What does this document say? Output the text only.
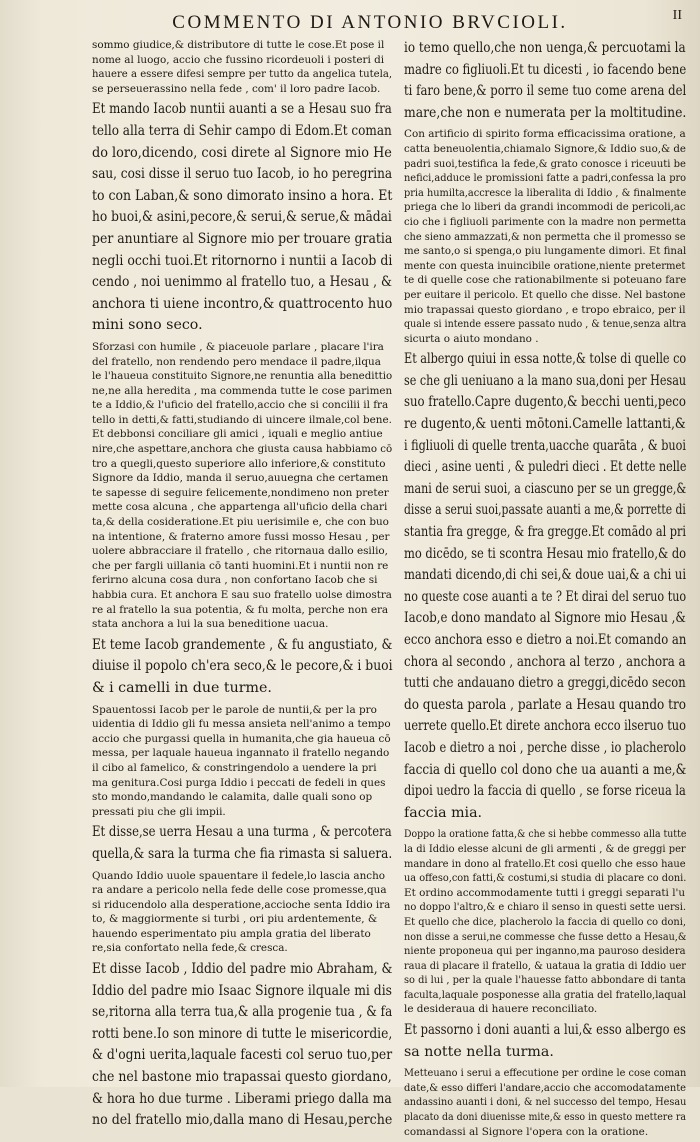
COMMENTO DI ANTONIO BRVCIOLI.	II
sommo giudice,& distributore di tutte le cose.Et pose il
nome al luogo, accio che fussino ricordeuoli i posteri di
hauere a essere difesi sempre per tutto da angelica tutela,
se perseuerassino nella fede , com' il loro padre Iacob.
Et mando Iacob nuntii auanti a se a Hesau suo fra
tello alla terra di Sehir campo di Edom.Et coman
do loro,dicendo, cosi direte al Signore mio He
sau, cosi disse il seruo tuo Iacob, io ho peregrina
to con Laban,& sono dimorato insino a hora. Et
ho buoi,& asini,pecore,& serui,& serue,& mādai
per anuntiare al Signore mio per trouare gratia
negli occhi tuoi.Et ritornorno i nuntii a Iacob di
cendo , noi uenimmo al fratello tuo, a Hesau , &
anchora ti uiene incontro,& quattrocento huo
mini sono seco.
Sforzasi con humile , & piaceuole parlare , placare l'ira
del fratello, non rendendo pero mendace il padre,ilqua
le l'haueua constituito Signore,ne renuntia alla benedittio
ne,ne alla heredita , ma commenda tutte le cose parimen
te a Iddio,& l'uficio del fratello,accio che si concilii il fra
tello in detti,& fatti,studiando di uincere ilmale,col bene.
Et debbonsi conciliare gli amici , iquali e meglio antiue
nire,che aspettare,anchora che giusta causa habbiamo cō
tro a quegli,questo superiore allo inferiore,& constituto
Signore da Iddio, manda il seruo,auuegna che certamen
te sapesse di seguire felicemente,nondimeno non preter
mette cosa alcuna , che appartenga all'uficio della chari
ta,& della cosideratione.Et piu uerisimile e, che con buo
na intentione, & fraterno amore fussi mosso Hesau , per
uolere abbracciare il fratello , che ritornaua dallo esilio,
che per fargli uillania cō tanti huomini.Et i nuntii non re
ferirno alcuna cosa dura , non confortano Iacob che si
habbia cura. Et anchora E sau suo fratello uolse dimostra
re al fratello la sua potentia, & fu molta, perche non era
stata anchora a lui la sua beneditione uacua.
Et teme Iacob grandemente , & fu angustiato, &
diuise il popolo ch'era seco,& le pecore,& i buoi
& i camelli in due turme.
Spauentossi Iacob per le parole de nuntii,& per la pro
uidentia di Iddio gli fu messa ansieta nell'animo a tempo
accio che purgassi quella in humanita,che gia haueua cō
messa, per laquale haueua ingannato il fratello negando
il cibo al famelico, & constringendolo a uendere la pri
ma genitura.Cosi purga Iddio i peccati de fedeli in ques
sto mondo,mandando le calamita, dalle quali sono op
pressati piu che gli impii.
Et disse,se uerra Hesau a una turma , & percotera
quella,& sara la turma che fia rimasta si saluera.
Quando Iddio uuole spauentare il fedele,lo lascia ancho
ra andare a pericolo nella fede delle cose promesse,qua
si riducendolo alla desperatione,accioche senta Iddio ira
to, & maggiormente si turbi , ori piu ardentemente, &
hauendo esperimentato piu ampla gratia del liberato
re,sia confortato nella fede,& cresca.
Et disse Iacob , Iddio del padre mio Abraham, &
Iddio del padre mio Isaac Signore ilquale mi dis
se,ritorna alla terra tua,& alla progenie tua , & fa
rotti bene.Io son minore di tutte le misericordie,
& d'ogni uerita,laquale facesti col seruo tuo,per
che nel bastone mio trapassai questo giordano,
& hora ho due turme . Liberami priego dalla ma
no del fratello mio,dalla mano di Hesau,perche
io temo quello,che non uenga,& percuotami la
madre co figliuoli.Et tu dicesti , io facendo bene
ti faro bene,& porro il seme tuo come arena del
mare,che non e numerata per la moltitudine.
Con artificio di spirito forma efficacissima oratione, a
catta beneuolentia,chiamalo Signore,& Iddio suo,& de
padri suoi,testifica la fede,& grato conosce i riceuuti be
nefici,adduce le promissioni fatte a padri,confessa la pro
pria humilta,accresce la liberalita di Iddio , & finalmente
priega che lo liberi da grandi incommodi de pericoli,ac
cio che i figliuoli parimente con la madre non permetta
che sieno ammazzati,& non permetta che il promesso se
me santo,o si spenga,o piu lungamente dimori. Et final
mente con questa inuincibile oratione,niente pretermet
te di quelle cose che rationabilmente si poteuano fare
per euitare il pericolo. Et quello che disse. Nel bastone
mio trapassai questo giordano , e tropo ebraico, per il
quale si intende essere passato nudo , & tenue,senza altra
sicurta o aiuto mondano .
Et albergo quiui in essa notte,& tolse di quelle co
se che gli ueniuano a la mano sua,doni per Hesau
suo fratello.Capre dugento,& becchi uenti,peco
re dugento,& uenti mōtoni.Camelle lattanti,&
i figliuoli di quelle trenta,uacche quarāta , & buoi
dieci , asine uenti , & puledri dieci . Et dette nelle
mani de serui suoi, a ciascuno per se un gregge,&
disse a serui suoi,passate auanti a me,& porrette di
stantia fra gregge, & fra gregge.Et comādo al pri
mo dicēdo, se ti scontra Hesau mio fratello,& do
mandati dicendo,di chi sei,& doue uai,& a chi ui
no queste cose auanti a te ? Et dirai del seruo tuo
Iacob,e dono mandato al Signore mio Hesau ,&
ecco anchora esso e dietro a noi.Et comando an
chora al secondo , anchora al terzo , anchora a
tutti che andauano dietro a greggi,dicēdo secon
do questa parola , parlate a Hesau quando tro
uerrete quello.Et direte anchora ecco ilseruo tuo
Iacob e dietro a noi , perche disse , io placherolo
faccia di quello col dono che ua auanti a me,&
dipoi uedro la faccia di quello , se forse riceua la
faccia mia.
Doppo la oratione fatta,& che si hebbe commesso alla tutte
la di Iddio elesse alcuni de gli armenti , & de greggi per
mandare in dono al fratello.Et cosi quello che esso haue
ua offeso,con fatti,& costumi,si studia di placare co doni.
Et ordino accommodamente tutti i greggi separati l'u
no doppo l'altro,& e chiaro il senso in questi sette uersi.
Et quello che dice, placherolo la faccia di quello co doni,
non disse a serui,ne commesse che fusse detto a Hesau,&
niente proponeua qui per inganno,ma pauroso desidera
raua di placare il fratello, & uataua la gratia di Iddio uer
so di lui , per la quale l'hauesse fatto abbondare di tanta
faculta,laquale posponesse alla gratia del fratello,laqual
le desideraua di hauere reconciliato.
Et passorno i doni auanti a lui,& esso albergo es
sa notte nella turma.
Metteuano i serui a effecutione per ordine le cose coman
date,& esso differi l'andare,accio che accomodatamente
andassino auanti i doni, & nel successo del tempo, Hesau
placato da doni diuenisse mite,& esso in questo mettere ra
comandassi al Signore l'opera con la oratione.
